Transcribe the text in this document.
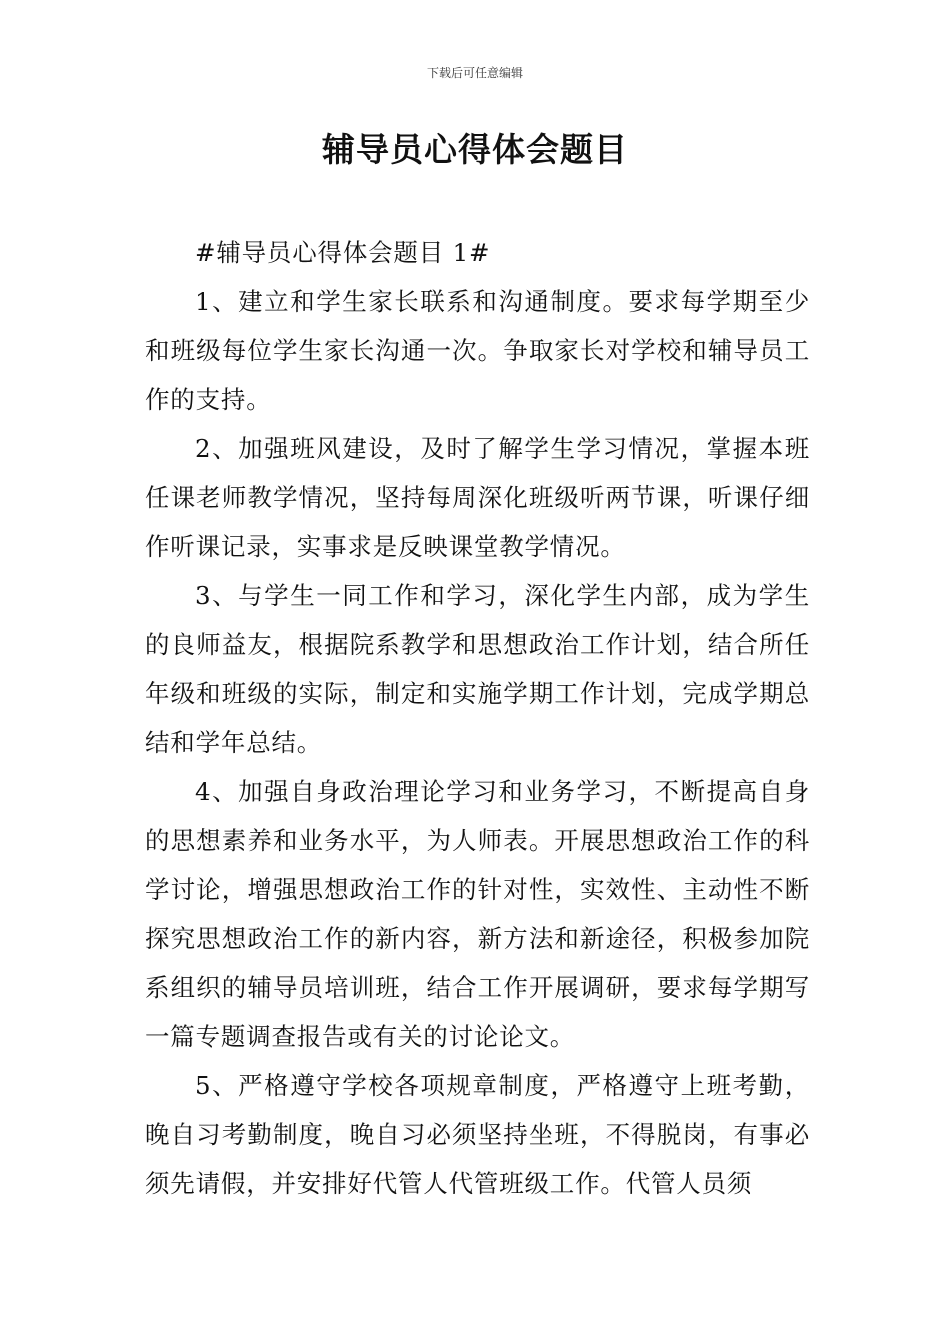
下载后可任意编辑
辅导员心得体会题目

#辅导员心得体会题目 1#

1、建立和学生家长联系和沟通制度。要求每学期至少和班级每位学生家长沟通一次。争取家长对学校和辅导员工作的支持。

2、加强班风建设，及时了解学生学习情况，掌握本班任课老师教学情况，坚持每周深化班级听两节课，听课仔细作听课记录，实事求是反映课堂教学情况。

3、与学生一同工作和学习，深化学生内部，成为学生的良师益友，根据院系教学和思想政治工作计划，结合所任年级和班级的实际，制定和实施学期工作计划，完成学期总结和学年总结。

4、加强自身政治理论学习和业务学习，不断提高自身的思想素养和业务水平，为人师表。开展思想政治工作的科学讨论，增强思想政治工作的针对性，实效性、主动性不断探究思想政治工作的新内容，新方法和新途径，积极参加院系组织的辅导员培训班，结合工作开展调研，要求每学期写一篇专题调查报告或有关的讨论论文。

5、严格遵守学校各项规章制度，严格遵守上班考勤，晚自习考勤制度，晚自习必须坚持坐班，不得脱岗，有事必须先请假，并安排好代管人代管班级工作。代管人员须
